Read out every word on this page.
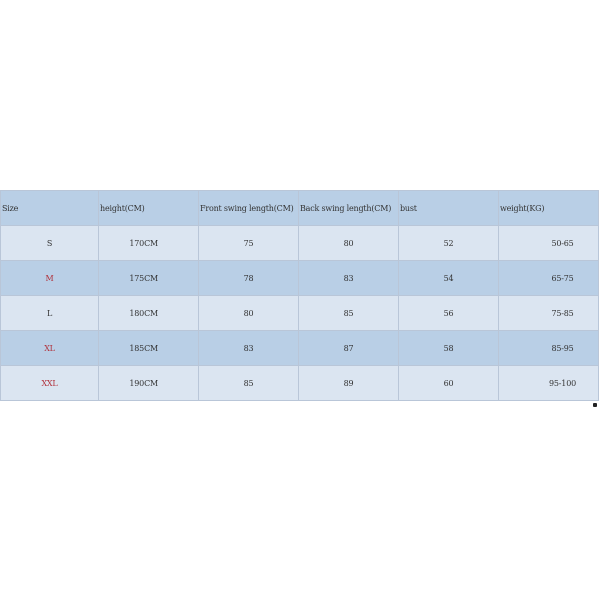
Size	height(CM)	Front swing length(CM)	Back swing length(CM)	bust	weight(KG)
S	170CM	75	80	52	50-65
M	175CM	78	83	54	65-75
L	180CM	80	85	56	75-85
XL	185CM	83	87	58	85-95
XXL	190CM	85	89	60	95-100
